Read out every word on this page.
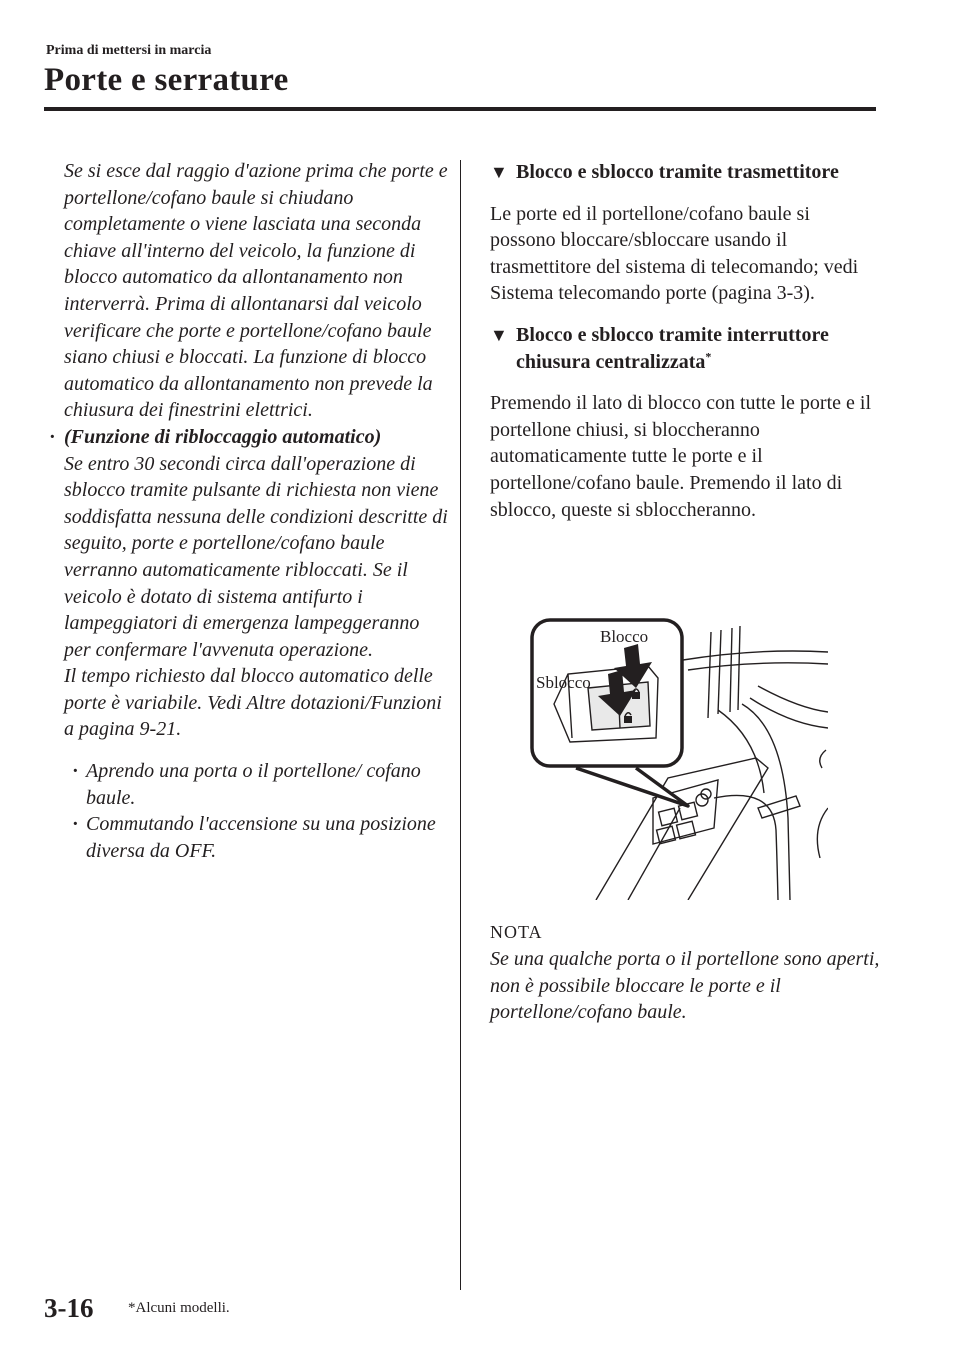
Prima di mettersi in marcia
Porte e serrature

Se si esce dal raggio d'azione prima che porte e portellone/cofano baule si chiudano completamente o viene lasciata una seconda chiave all'interno del veicolo, la funzione di blocco automatico da allontanamento non interverrà. Prima di allontanarsi dal veicolo verificare che porte e portellone/cofano baule siano chiusi e bloccati. La funzione di blocco automatico da allontanamento non prevede la chiusura dei finestrini elettrici.

· (Funzione di ribloccaggio automatico)

Se entro 30 secondi circa dall'operazione di sblocco tramite pulsante di richiesta non viene soddisfatta nessuna delle condizioni descritte di seguito, porte e portellone/cofano baule verranno automaticamente ribloccati. Se il veicolo è dotato di sistema antifurto i lampeggiatori di emergenza lampeggeranno per confermare l'avvenuta operazione.

Il tempo richiesto dal blocco automatico delle porte è variabile. Vedi Altre dotazioni/Funzioni a pagina 9-21.

· Aprendo una porta o il portellone/ cofano baule.
· Commutando l'accensione su una posizione diversa da OFF.
▼ Blocco e sblocco tramite trasmettitore

Le porte ed il portellone/cofano baule si possono bloccare/sbloccare usando il trasmettitore del sistema di telecomando; vedi Sistema telecomando porte (pagina 3-3).

▼ Blocco e sblocco tramite interruttore chiusura centralizzata*

Premendo il lato di blocco con tutte le porte e il portellone chiusi, si bloccheranno automaticamente tutte le porte e il portellone/cofano baule. Premendo il lato di sblocco, queste si sbloccheranno.

Blocco
Sblocco
NOTA
Se una qualche porta o il portellone sono aperti, non è possibile bloccare le porte e il portellone/cofano baule.
3-16 *Alcuni modelli.
